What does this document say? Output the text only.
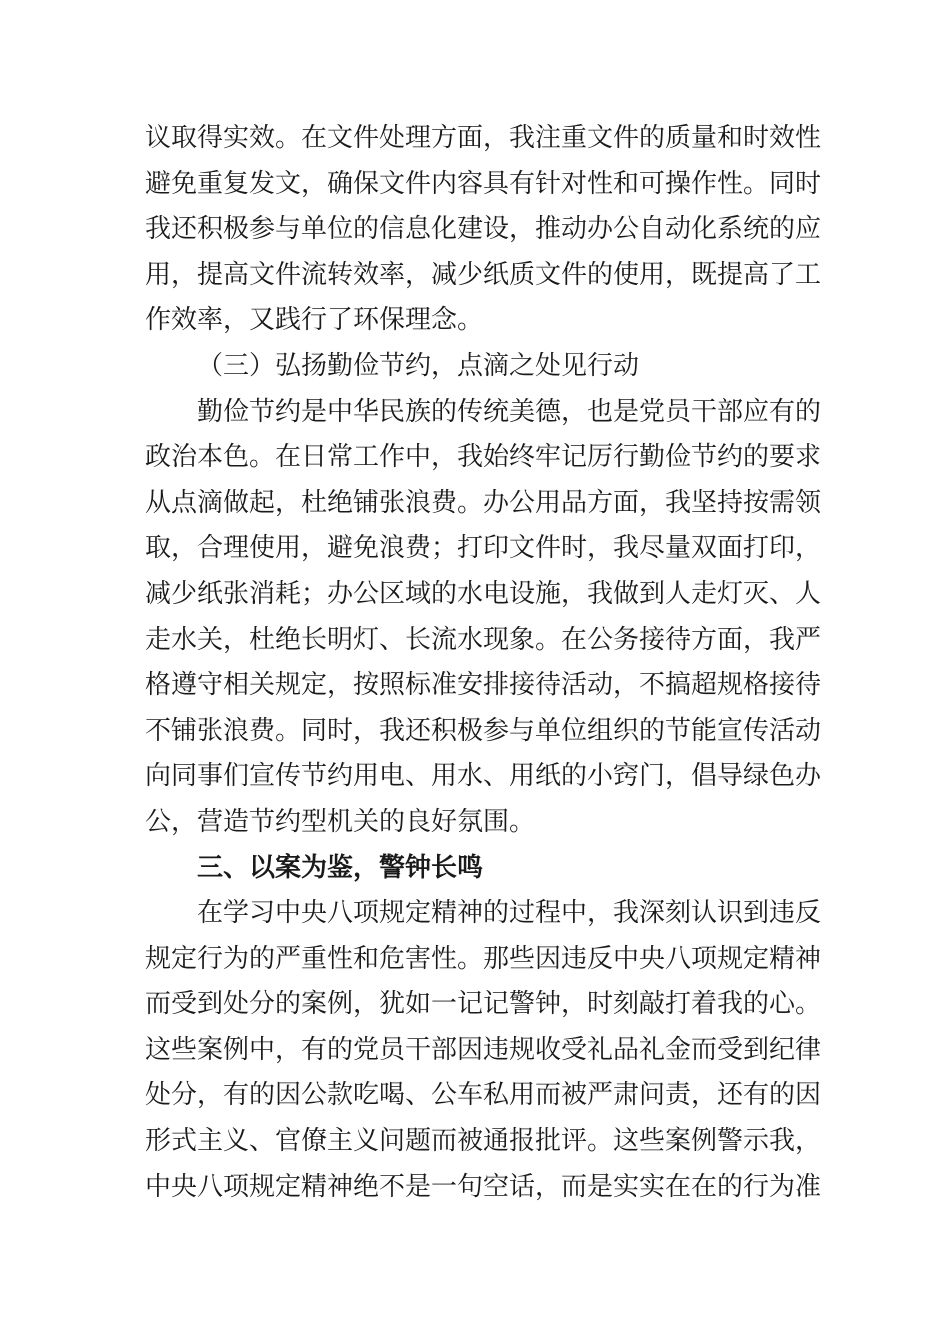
议取得实效。在文件处理方面，我注重文件的质量和时效性
避免重复发文，确保文件内容具有针对性和可操作性。同时
我还积极参与单位的信息化建设，推动办公自动化系统的应
用，提高文件流转效率，减少纸质文件的使用，既提高了工
作效率，又践行了环保理念。
（三）弘扬勤俭节约，点滴之处见行动
勤俭节约是中华民族的传统美德，也是党员干部应有的
政治本色。在日常工作中，我始终牢记厉行勤俭节约的要求
从点滴做起，杜绝铺张浪费。办公用品方面，我坚持按需领
取，合理使用，避免浪费；打印文件时，我尽量双面打印，
减少纸张消耗；办公区域的水电设施，我做到人走灯灭、人
走水关，杜绝长明灯、长流水现象。在公务接待方面，我严
格遵守相关规定，按照标准安排接待活动，不搞超规格接待
不铺张浪费。同时，我还积极参与单位组织的节能宣传活动
向同事们宣传节约用电、用水、用纸的小窍门，倡导绿色办
公，营造节约型机关的良好氛围。
三、以案为鉴，警钟长鸣
在学习中央八项规定精神的过程中，我深刻认识到违反
规定行为的严重性和危害性。那些因违反中央八项规定精神
而受到处分的案例，犹如一记记警钟，时刻敲打着我的心。
这些案例中，有的党员干部因违规收受礼品礼金而受到纪律
处分，有的因公款吃喝、公车私用而被严肃问责，还有的因
形式主义、官僚主义问题而被通报批评。这些案例警示我，
中央八项规定精神绝不是一句空话，而是实实在在的行为准
